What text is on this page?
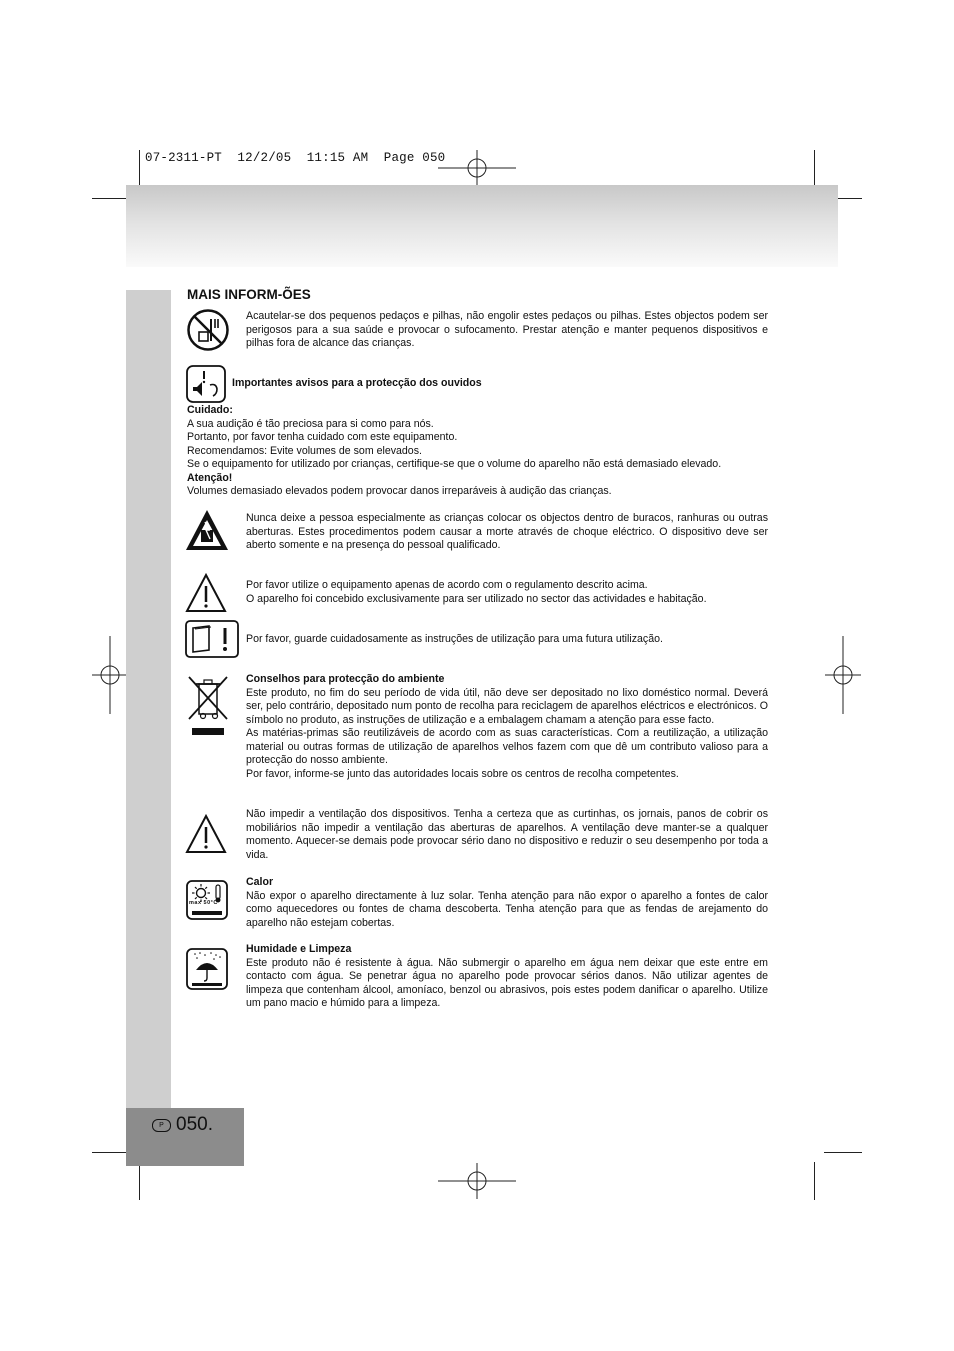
07-2311-PT  12/2/05  11:15 AM  Page 050
P 050.
MAIS INFORM-ÕES
Acautelar-se dos pequenos pedaços e pilhas, não engolir estes pedaços ou pilhas. Estes objectos podem ser perigosos para a sua saúde e provocar o sufocamento. Prestar atenção e manter pequenos dispositivos e pilhas fora de alcance das crianças.
Importantes avisos para a protecção dos ouvidos
Cuidado:
A sua audição é tão preciosa para si como para nós.
Portanto, por favor tenha cuidado com este equipamento.
Recomendamos: Evite volumes de som elevados.
Se o equipamento for utilizado por crianças, certifique-se que o volume do aparelho não está demasiado elevado.
Atenção!
Volumes demasiado elevados podem provocar danos irreparáveis à audição das crianças.
Nunca deixe a pessoa especialmente as crianças colocar os objectos dentro de buracos, ranhuras ou outras aberturas. Estes procedimentos podem causar a morte através de choque eléctrico. O dispositivo deve ser aberto somente e na presença do pessoal qualificado.
Por favor utilize o equipamento apenas de acordo com o regulamento descrito acima.
O aparelho foi concebido exclusivamente para ser utilizado no sector das actividades e habitação.
Por favor, guarde cuidadosamente as instruções de utilização para uma futura utilização.
Conselhos para protecção do ambiente
Este produto, no fim do seu período de vida útil, não deve ser depositado no lixo doméstico normal. Deverá ser, pelo contrário, depositado num ponto de recolha para reciclagem de aparelhos eléctricos e electrónicos. O símbolo no produto, as instruções de utilização e a embalagem chamam a atenção para esse facto.
As matérias-primas são reutilizáveis de acordo com as suas características. Com a reutilização, a utilização material ou outras formas de utilização de aparelhos velhos fazem com que dê um contributo valioso para a protecção do nosso ambiente.
Por favor, informe-se junto das autoridades locais sobre os centros de recolha competentes.
Não impedir a ventilação dos dispositivos. Tenha a certeza que as curtinhas, os jornais, panos de cobrir os mobiliários não impedir a ventilação das aberturas de aparelhos. A ventilação deve manter-se a qualquer momento. Aquecer-se demais pode provocar sério dano no dispositivo e reduzir o seu desempenho por toda a vida.
max 50°C
Calor
Não expor o aparelho directamente à luz solar. Tenha atenção para não expor o aparelho a fontes de calor como aquecedores ou fontes de chama descoberta. Tenha atenção para que as fendas de arejamento do aparelho não estejam cobertas.
Humidade e Limpeza
Este produto não é resistente à água. Não submergir o aparelho em água nem deixar que este entre em contacto com água. Se penetrar água no aparelho pode provocar sérios danos. Não utilizar agentes de limpeza que contenham álcool, amoníaco, benzol ou abrasivos, pois estes podem danificar o aparelho. Utilize um pano macio e húmido para a limpeza.
